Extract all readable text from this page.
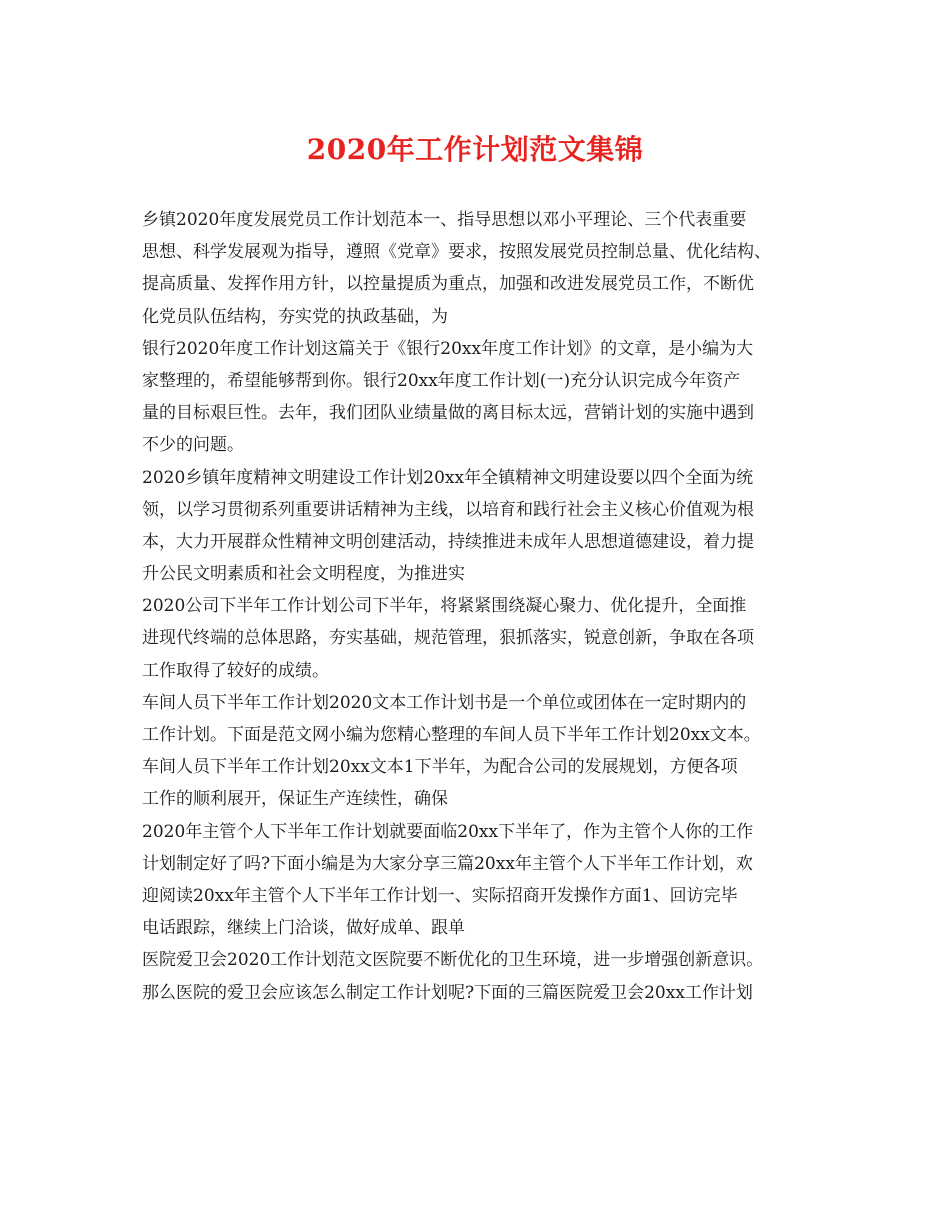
2020年工作计划范文集锦
乡镇2020年度发展党员工作计划范本一、指导思想以邓小平理论、三个代表重要
思想、科学发展观为指导，遵照《党章》要求，按照发展党员控制总量、优化结构、
提高质量、发挥作用方针，以控量提质为重点，加强和改进发展党员工作，不断优
化党员队伍结构，夯实党的执政基础，为
银行2020年度工作计划这篇关于《银行20xx年度工作计划》的文章，是小编为大
家整理的，希望能够帮到你。银行20xx年度工作计划(一)充分认识完成今年资产
量的目标艰巨性。去年，我们团队业绩量做的离目标太远，营销计划的实施中遇到
不少的问题。
2020乡镇年度精神文明建设工作计划20xx年全镇精神文明建设要以四个全面为统
领，以学习贯彻系列重要讲话精神为主线，以培育和践行社会主义核心价值观为根
本，大力开展群众性精神文明创建活动，持续推进未成年人思想道德建设，着力提
升公民文明素质和社会文明程度，为推进实
2020公司下半年工作计划公司下半年，将紧紧围绕凝心聚力、优化提升，全面推
进现代终端的总体思路，夯实基础，规范管理，狠抓落实，锐意创新，争取在各项
工作取得了较好的成绩。
车间人员下半年工作计划2020文本工作计划书是一个单位或团体在一定时期内的
工作计划。下面是范文网小编为您精心整理的车间人员下半年工作计划20xx文本。
车间人员下半年工作计划20xx文本1下半年，为配合公司的发展规划，方便各项
工作的顺利展开，保证生产连续性，确保
2020年主管个人下半年工作计划就要面临20xx下半年了，作为主管个人你的工作
计划制定好了吗?下面小编是为大家分享三篇20xx年主管个人下半年工作计划，欢
迎阅读20xx年主管个人下半年工作计划一、实际招商开发操作方面1、回访完毕
电话跟踪，继续上门洽谈，做好成单、跟单
医院爱卫会2020工作计划范文医院要不断优化的卫生环境，进一步增强创新意识。
那么医院的爱卫会应该怎么制定工作计划呢?下面的三篇医院爱卫会20xx工作计划
